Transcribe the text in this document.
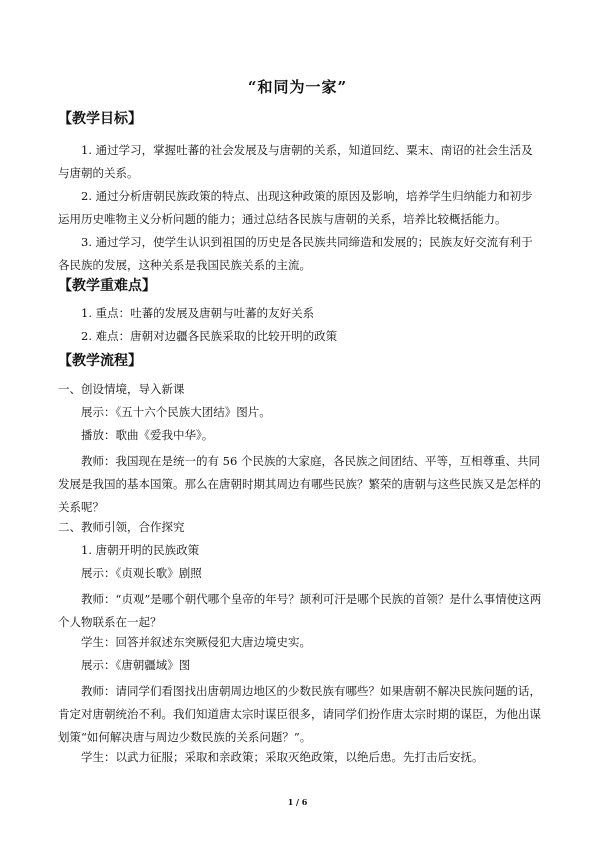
“和同为一家”
【教学目标】
1. 通过学习，掌握吐蕃的社会发展及与唐朝的关系，知道回纥、粟末、南诏的社会生活及与唐朝的关系。
2. 通过分析唐朝民族政策的特点、出现这种政策的原因及影响，培养学生归纳能力和初步运用历史唯物主义分析问题的能力；通过总结各民族与唐朝的关系，培养比较概括能力。
3. 通过学习，使学生认识到祖国的历史是各民族共同缔造和发展的；民族友好交流有利于各民族的发展，这种关系是我国民族关系的主流。
【教学重难点】
1. 重点：吐蕃的发展及唐朝与吐蕃的友好关系
2. 难点：唐朝对边疆各民族采取的比较开明的政策
【教学流程】
一、创设情境，导入新课
展示：《五十六个民族大团结》图片。
播放：歌曲《爱我中华》。
教师：我国现在是统一的有 56 个民族的大家庭，各民族之间团结、平等，互相尊重、共同发展是我国的基本国策。那么在唐朝时期其周边有哪些民族？繁荣的唐朝与这些民族又是怎样的关系呢？
二、教师引领，合作探究
1. 唐朝开明的民族政策
展示：《贞观长歌》剧照
教师：“贞观”是哪个朝代哪个皇帝的年号？颉利可汗是哪个民族的首领？是什么事情使这两个人物联系在一起？
学生：回答并叙述东突厥侵犯大唐边境史实。
展示：《唐朝疆域》图
教师：请同学们看图找出唐朝周边地区的少数民族有哪些？如果唐朝不解决民族问题的话，肯定对唐朝统治不利。我们知道唐太宗时谋臣很多，请同学们扮作唐太宗时期的谋臣，为他出谋划策“如何解决唐与周边少数民族的关系问题？”。
学生：以武力征服；采取和亲政策；采取灭绝政策，以绝后患。先打击后安抚。
1 / 6
